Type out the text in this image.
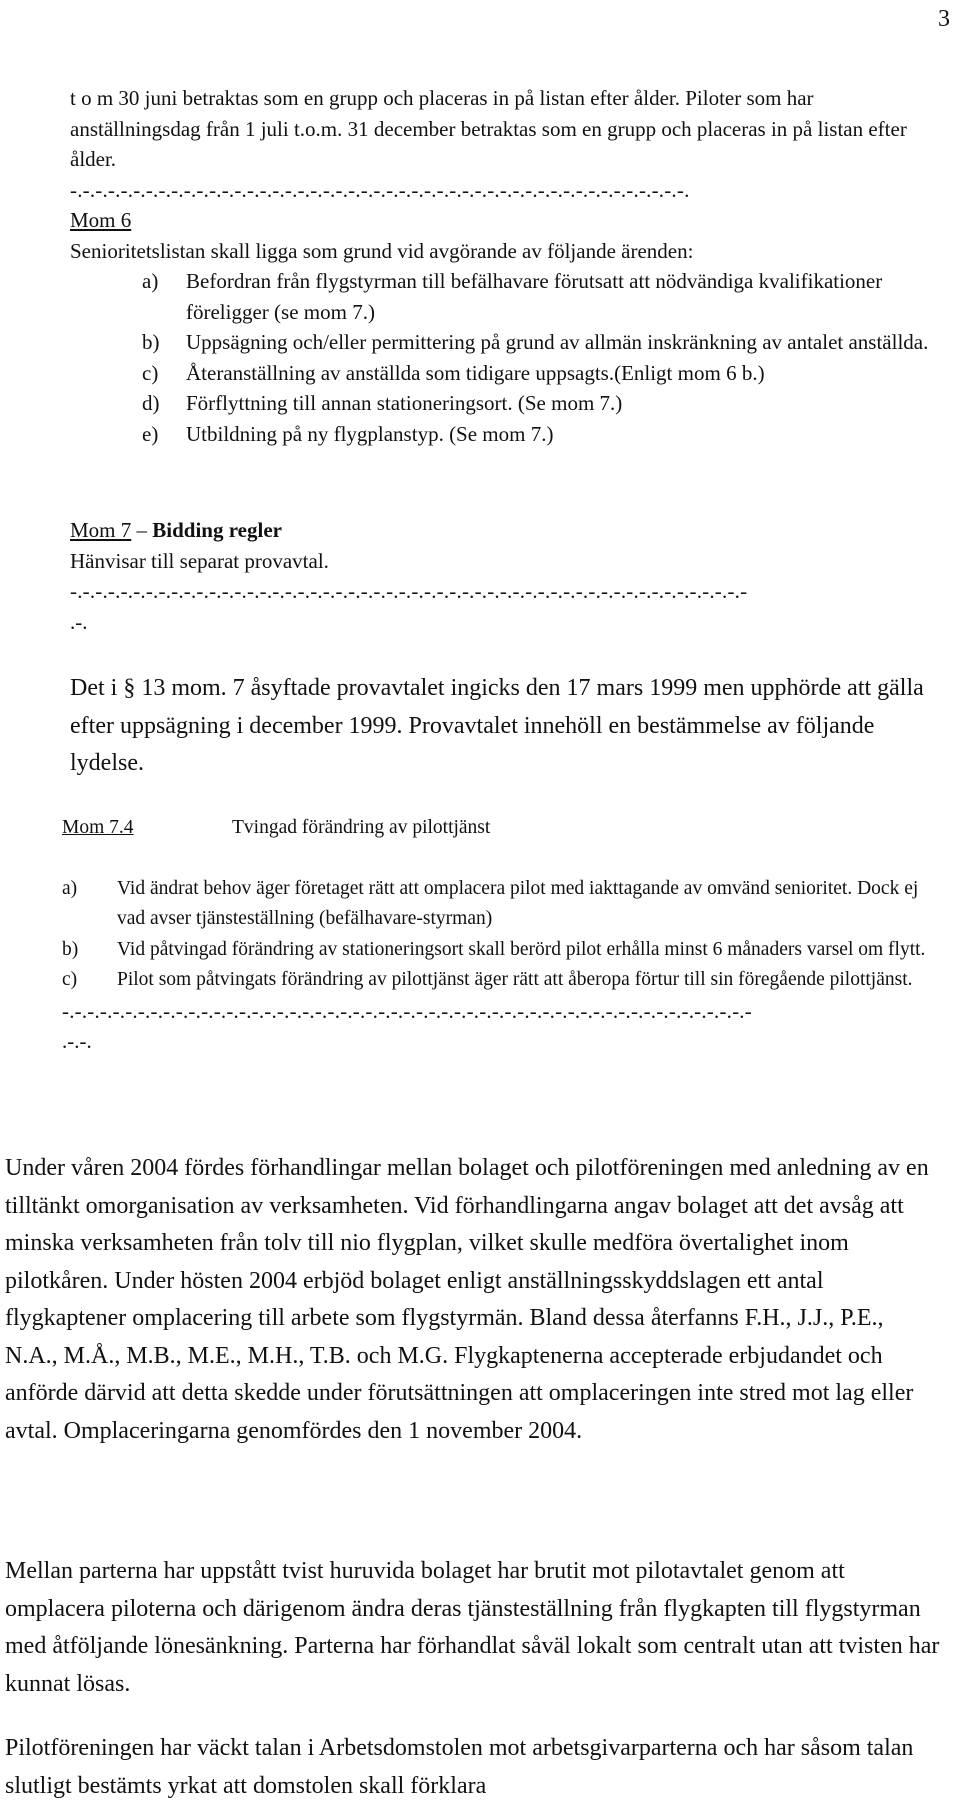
3

t o m 30 juni betraktas som en grupp och placeras in på listan efter ålder. Piloter som har anställningsdag från 1 juli t.o.m. 31 december betraktas som en grupp och placeras in på listan efter ålder.

-.-.-.-.-.-.-.-.-.-.-.-.-.-.-.-.-.-.-.-.-.-.-.-.-.-.-.-.-.-.-.-.-.-.-.-.-.-.-.-.-.-.-.-.-.-.-.-.-.

Mom 6

Senioritetslistan skall ligga som grund vid avgörande av följande ärenden:

a) Befordran från flygstyrman till befälhavare förutsatt att nödvändiga kvalifikationer föreligger (se mom 7.)

b) Uppsägning och/eller permittering på grund av allmän inskränkning av antalet anställda.

c) Återanställning av anställda som tidigare uppsagts.(Enligt mom 6 b.)

d) Förflyttning till annan stationeringsort. (Se mom 7.)

e) Utbildning på ny flygplanstyp. (Se mom 7.)

Mom 7 – Bidding regler

Hänvisar till separat provavtal.

-.-.-.-.-.-.-.-.-.-.-.-.-.-.-.-.-.-.-.-.-.-.-.-.-.-.-.-.-.-.-.-.-.-.-.-.-.-.-.-.-.-.-.-.-.-.-.-.-.-.-.-.-.-

.-.

Det i § 13 mom. 7 åsyftade provavtalet ingicks den 17 mars 1999 men upphörde att gälla efter uppsägning i december 1999. Provavtalet innehöll en bestämmelse av följande lydelse.

Mom 7.4	Tvingad förändring av pilottjänst

a) Vid ändrat behov äger företaget rätt att omplacera pilot med iakttagande av omvänd senioritet. Dock ej vad avser tjänsteställning (befälhavare-styrman)

b) Vid påtvingad förändring av stationeringsort skall berörd pilot erhålla minst 6 månaders varsel om flytt.

c) Pilot som påtvingats förändring av pilottjänst äger rätt att åberopa förtur till sin föregående pilottjänst.

-.-.-.-.-.-.-.-.-.-.-.-.-.-.-.-.-.-.-.-.-.-.-.-.-.-.-.-.-.-.-.-.-.-.-.-.-.-.-.-.-.-.-.-.-.-.-.-.-.-.-.-.-.-.-

.-.-.

Under våren 2004 fördes förhandlingar mellan bolaget och pilotföreningen med anledning av en tilltänkt omorganisation av verksamheten. Vid förhandlingarna angav bolaget att det avsåg att minska verksamheten från tolv till nio flygplan, vilket skulle medföra övertalighet inom pilotkåren. Under hösten 2004 erbjöd bolaget enligt anställningsskyddslagen ett antal flygkaptener omplacering till arbete som flygstyrmän. Bland dessa återfanns F.H., J.J., P.E., N.A., M.Å., M.B., M.E., M.H., T.B. och M.G. Flygkaptenerna accepterade erbjudandet och anförde därvid att detta skedde under förutsättningen att omplaceringen inte stred mot lag eller avtal. Omplaceringarna genomfördes den 1 november 2004.

Mellan parterna har uppstått tvist huruvida bolaget har brutit mot pilotavtalet genom att omplacera piloterna och därigenom ändra deras tjänsteställning från flygkapten till flygstyrman med åtföljande lönesänkning. Parterna har förhandlat såväl lokalt som centralt utan att tvisten har kunnat lösas.

Pilotföreningen har väckt talan i Arbetsdomstolen mot arbetsgivarparterna och har såsom talan slutligt bestämts yrkat att domstolen skall förklara
